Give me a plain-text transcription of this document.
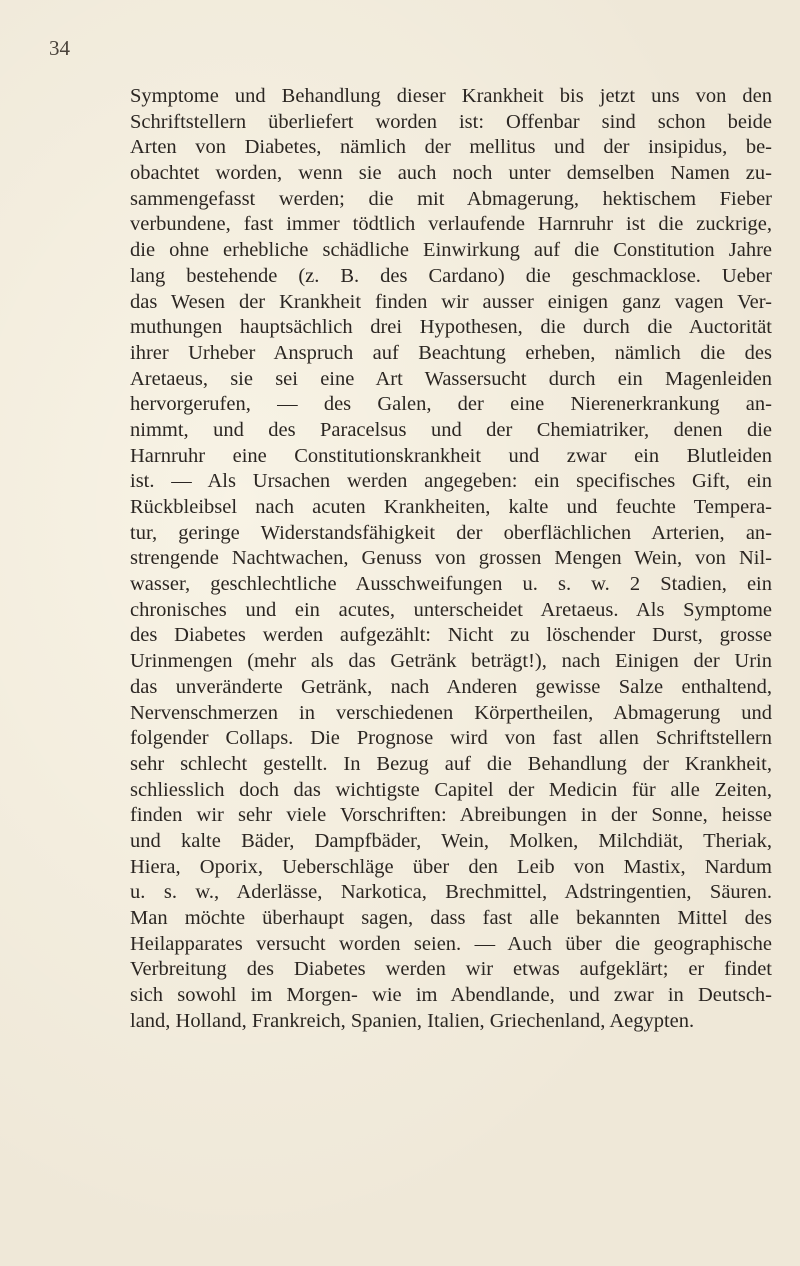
34
Symptome und Behandlung dieser Krankheit bis jetzt uns von den
Schriftstellern überliefert worden ist: Offenbar sind schon beide
Arten von Diabetes, nämlich der mellitus und der insipidus, be-
obachtet worden, wenn sie auch noch unter demselben Namen zu-
sammengefasst werden; die mit Abmagerung, hektischem Fieber
verbundene, fast immer tödtlich verlaufende Harnruhr ist die zuckrige,
die ohne erhebliche schädliche Einwirkung auf die Constitution Jahre
lang bestehende (z. B. des Cardano) die geschmacklose. Ueber
das Wesen der Krankheit finden wir ausser einigen ganz vagen Ver-
muthungen hauptsächlich drei Hypothesen, die durch die Auctorität
ihrer Urheber Anspruch auf Beachtung erheben, nämlich die des
Aretaeus, sie sei eine Art Wassersucht durch ein Magenleiden
hervorgerufen, — des Galen, der eine Nierenerkrankung an-
nimmt, und des Paracelsus und der Chemiatriker, denen die
Harnruhr eine Constitutionskrankheit und zwar ein Blutleiden
ist. — Als Ursachen werden angegeben: ein specifisches Gift, ein
Rückbleibsel nach acuten Krankheiten, kalte und feuchte Tempera-
tur, geringe Widerstandsfähigkeit der oberflächlichen Arterien, an-
strengende Nachtwachen, Genuss von grossen Mengen Wein, von Nil-
wasser, geschlechtliche Ausschweifungen u. s. w. 2 Stadien, ein
chronisches und ein acutes, unterscheidet Aretaeus. Als Symptome
des Diabetes werden aufgezählt: Nicht zu löschender Durst, grosse
Urinmengen (mehr als das Getränk beträgt!), nach Einigen der Urin
das unveränderte Getränk, nach Anderen gewisse Salze enthaltend,
Nervenschmerzen in verschiedenen Körpertheilen, Abmagerung und
folgender Collaps. Die Prognose wird von fast allen Schriftstellern
sehr schlecht gestellt. In Bezug auf die Behandlung der Krankheit,
schliesslich doch das wichtigste Capitel der Medicin für alle Zeiten,
finden wir sehr viele Vorschriften: Abreibungen in der Sonne, heisse
und kalte Bäder, Dampfbäder, Wein, Molken, Milchdiät, Theriak,
Hiera, Oporix, Ueberschläge über den Leib von Mastix, Nardum
u. s. w., Aderlässe, Narkotica, Brechmittel, Adstringentien, Säuren.
Man möchte überhaupt sagen, dass fast alle bekannten Mittel des
Heilapparates versucht worden seien. — Auch über die geographische
Verbreitung des Diabetes werden wir etwas aufgeklärt; er findet
sich sowohl im Morgen- wie im Abendlande, und zwar in Deutsch-
land, Holland, Frankreich, Spanien, Italien, Griechenland, Aegypten.
